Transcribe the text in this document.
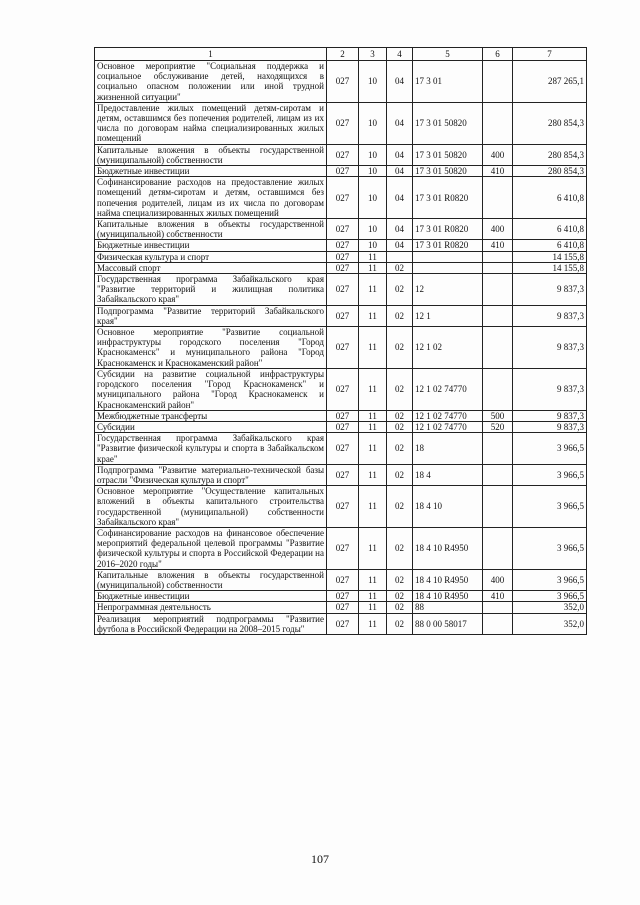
1	2	3	4	5	6	7
Основное мероприятие "Социальная поддержка и социальное обслуживание детей, находящихся в социально опасном положении или иной трудной жизненной ситуации"	027	10	04	17 3 01		287 265,1
Предоставление жилых помещений детям-сиротам и детям, оставшимся без попечения родителей, лицам из их числа по договорам найма специализированных жилых помещений	027	10	04	17 3 01 50820		280 854,3
Капитальные вложения в объекты государственной (муниципальной) собственности	027	10	04	17 3 01 50820	400	280 854,3
Бюджетные инвестиции	027	10	04	17 3 01 50820	410	280 854,3
Софинансирование расходов на предоставление жилых помещений детям-сиротам и детям, оставшимся без попечения родителей, лицам из их числа по договорам найма специализированных жилых помещений	027	10	04	17 3 01 R0820		6 410,8
Капитальные вложения в объекты государственной (муниципальной) собственности	027	10	04	17 3 01 R0820	400	6 410,8
Бюджетные инвестиции	027	10	04	17 3 01 R0820	410	6 410,8
Физическая культура и спорт	027	11				14 155,8
Массовый спорт	027	11	02			14 155,8
Государственная программа Забайкальского края "Развитие территорий и жилищная политика Забайкальского края"	027	11	02	12		9 837,3
Подпрограмма "Развитие территорий Забайкальского края"	027	11	02	12 1		9 837,3
Основное мероприятие "Развитие социальной инфраструктуры городского поселения "Город Краснокаменск" и муниципального района "Город Краснокаменск и Краснокаменский район"	027	11	02	12 1 02		9 837,3
Субсидии на развитие социальной инфраструктуры городского поселения "Город Краснокаменск" и муниципального района "Город Краснокаменск и Краснокаменский район"	027	11	02	12 1 02 74770		9 837,3
Межбюджетные трансферты	027	11	02	12 1 02 74770	500	9 837,3
Субсидии	027	11	02	12 1 02 74770	520	9 837,3
Государственная программа Забайкальского края "Развитие физической культуры и спорта в Забайкальском крае"	027	11	02	18		3 966,5
Подпрограмма "Развитие материально-технической базы отрасли "Физическая культура и спорт"	027	11	02	18 4		3 966,5
Основное мероприятие "Осуществление капитальных вложений в объекты капитального строительства государственной (муниципальной) собственности Забайкальского края"	027	11	02	18 4 10		3 966,5
Софинансирование расходов на финансовое обеспечение мероприятий федеральной целевой программы "Развитие физической культуры и спорта в Российской Федерации на 2016–2020 годы"	027	11	02	18 4 10 R4950		3 966,5
Капитальные вложения в объекты государственной (муниципальной) собственности	027	11	02	18 4 10 R4950	400	3 966,5
Бюджетные инвестиции	027	11	02	18 4 10 R4950	410	3 966,5
Непрограммная деятельность	027	11	02	88		352,0
Реализация мероприятий подпрограммы "Развитие футбола в Российской Федерации на 2008–2015 годы"	027	11	02	88 0 00 58017		352,0
107
